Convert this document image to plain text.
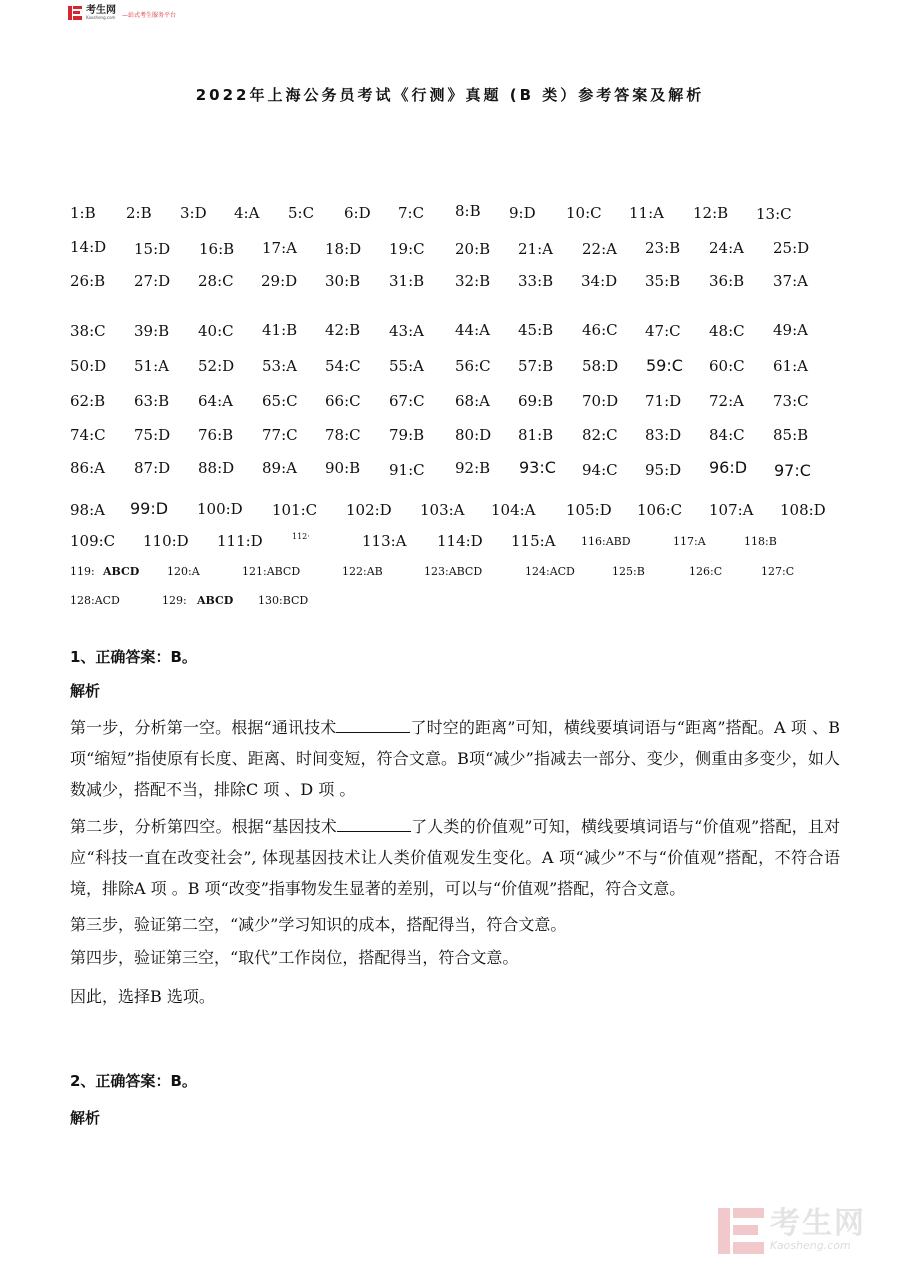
考生网
Kaosheng.com —站式考生服务平台
2022年上海公务员考试《行测》真题 (B 类）参考答案及解析
1:B 2:B 3:D 4:A 5:C 6:D 7:C 8:B 9:D 10:C 11:A 12:B 13:C
14:D 15:D 16:B 17:A 18:D 19:C 20:B 21:A 22:A 23:B 24:A 25:D
26:B 27:D 28:C 29:D 30:B 31:B 32:B 33:B 34:D 35:B 36:B 37:A
38:C 39:B 40:C 41:B 42:B 43:A 44:A 45:B 46:C 47:C 48:C 49:A
50:D 51:A 52:D 53:A 54:C 55:A 56:C 57:B 58:D 59:C 60:C 61:A
62:B 63:B 64:A 65:C 66:C 67:C 68:A 69:B 70:D 71:D 72:A 73:C
74:C 75:D 76:B 77:C 78:C 79:B 80:D 81:B 82:C 83:D 84:C 85:B
86:A 87:D 88:D 89:A 90:B 91:C 92:B 93:C 94:C 95:D 96:D 97:C
98:A 99:D 100:D 101:C 102:D 103:A 104:A 105:D 106:C 107:A 108:D
109:C 110:D 111:D	112·	113:A 114:D 115:A 116:ABD	117:A	118:B
119: ABCD	120:A	121:ABCD	122:AB	123:ABCD	124:ACD	125:B	126:C	127:C
128:ACD	129: ABCD 130:BCD
1、正确答案：B。
解析
第一步，分析第一空。根据“通讯技术	了时空的距离”可知，横线要填词语与“距离”搭配。A 项 、B 项“缩短”指使原有长度、距离、时间变短，符合文意。B项“减少”指减去一部分、变少，侧重由多变少，如人数减少，搭配不当，排除C 项 、D 项 。
第二步，分析第四空。根据“基因技术	了人类的价值观”可知，横线要填词语与“价值观”搭配，且对应“科技一直在改变社会”, 体现基因技术让人类价值观发生变化。A 项“减少”不与“价值观”搭配，不符合语境，排除A 项 。B 项“改变”指事物发生显著的差别，可以与“价值观”搭配，符合文意。
第三步，验证第二空，“减少”学习知识的成本，搭配得当，符合文意。
第四步，验证第三空，“取代”工作岗位，搭配得当，符合文意。
因此，选择B 选项。
2、正确答案：B。
解析
考生网
Kaosheng.com
